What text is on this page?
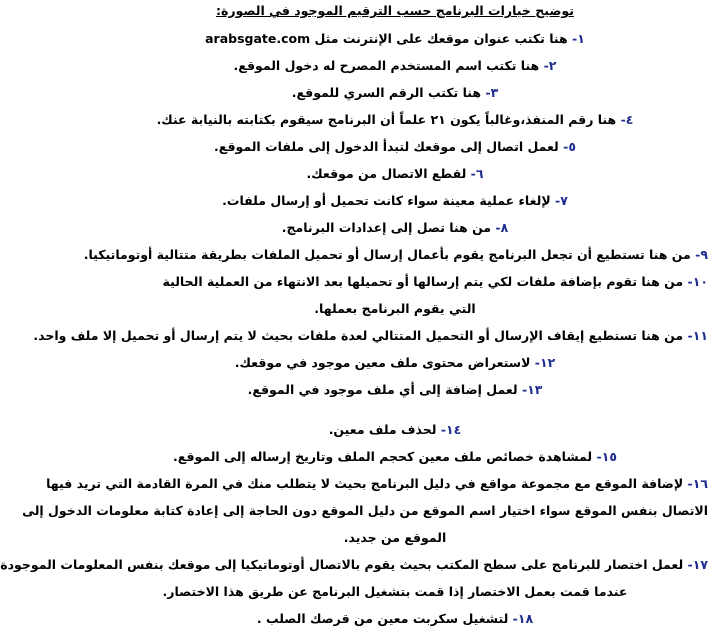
توضيح خيارات البرنامج حسب الترقيم الموجود في الصورة:
١- هنا تكتب عنوان موقعك على الإنترنت مثل arabsgate.com
٢- هنا تكتب اسم المستخدم المصرح له دخول الموقع.
٣- هنا تكتب الرقم السري للموقع.
٤- هنا رقم المنفذ،وغالباً يكون ٢١ علماً أن البرنامج سيقوم بكتابته بالنيابة عنك.
٥- لعمل اتصال إلى موقعك لتبدأ الدخول إلى ملفات الموقع.
٦- لقطع الاتصال من موقعك.
٧- لإلغاء عملية معينة سواء كانت تحميل أو إرسال ملفات.
٨- من هنا تصل إلى إعدادات البرنامج.
٩- من هنا تستطيع أن تجعل البرنامج يقوم بأعمال إرسال أو تحميل الملفات بطريقة متتالية أوتوماتيكيا.
١٠- من هنا تقوم بإضافة ملفات لكي يتم إرسالها أو تحميلها بعد الانتهاء من العملية الحالية
التي يقوم البرنامج بعملها.
١١- من هنا تستطيع إيقاف الإرسال أو التحميل المتتالي لعدة ملفات بحيث لا يتم إرسال أو تحميل إلا ملف واحد.
١٢- لاستعراض محتوى ملف معين موجود في موقعك.
١٣- لعمل إضافة إلى أي ملف موجود في الموقع.
١٤- لحذف ملف معين.
١٥- لمشاهدة خصائص ملف معين كحجم الملف وتاريخ إرساله إلى الموقع.
١٦- لإضافة الموقع مع مجموعة مواقع في دليل البرنامج بحيث لا يتطلب منك في المرة القادمة التي تريد فيها
الاتصال بنفس الموقع سواء اختيار اسم الموقع من دليل الموقع دون الحاجة إلى إعادة كتابة معلومات الدخول إلى
الموقع من جديد.
١٧- لعمل اختصار للبرنامج على سطح المكتب بحيث يقوم بالاتصال أوتوماتيكيا إلى موقعك بنفس المعلومات الموجودة
عندما قمت بعمل الاختصار إذا قمت بتشغيل البرنامج عن طريق هذا الاختصار.
١٨- لتشغيل سكربت معين من قرصك الصلب .
